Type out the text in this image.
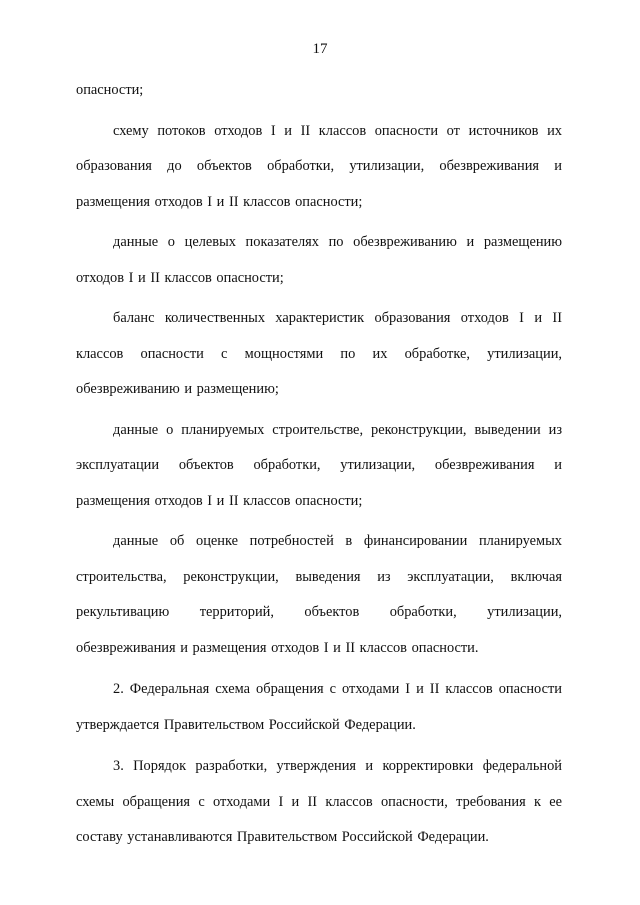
17

опасности;

схему потоков отходов I и II классов опасности от источников их образования до объектов обработки, утилизации, обезвреживания и размещения отходов I и II классов опасности;

данные о целевых показателях по обезвреживанию и размещению отходов I и II классов опасности;

баланс количественных характеристик образования отходов I и II классов опасности с мощностями по их обработке, утилизации, обезвреживанию и размещению;

данные о планируемых строительстве, реконструкции, выведении из эксплуатации объектов обработки, утилизации, обезвреживания и размещения отходов I и II классов опасности;

данные об оценке потребностей в финансировании планируемых строительства, реконструкции, выведения из эксплуатации, включая рекультивацию территорий, объектов обработки, утилизации, обезвреживания и размещения отходов I и II классов опасности.

2. Федеральная схема обращения с отходами I и II классов опасности утверждается Правительством Российской Федерации.

3. Порядок разработки, утверждения и корректировки федеральной схемы обращения с отходами I и II классов опасности, требования к ее составу устанавливаются Правительством Российской Федерации.
